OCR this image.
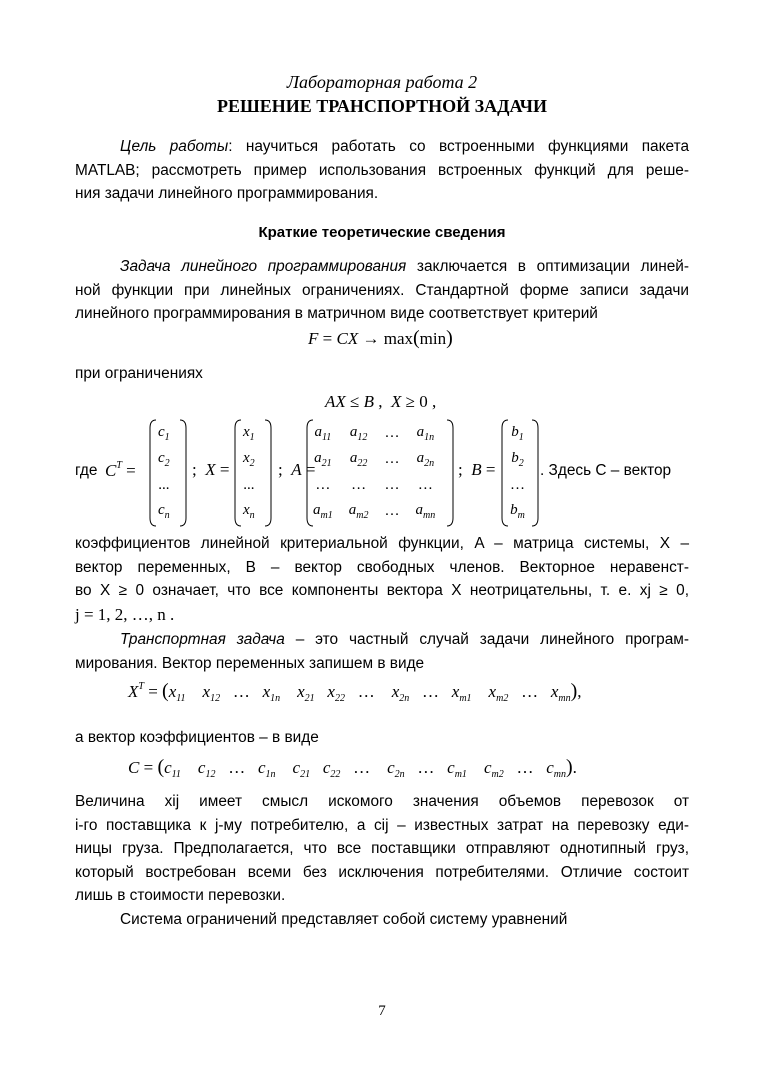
Лабораторная работа 2
РЕШЕНИЕ ТРАНСПОРТНОЙ ЗАДАЧИ
Цель работы: научиться работать со встроенными функциями пакета
MATLAB; рассмотреть пример использования встроенных функций для реше-
ния задачи линейного программирования.
Краткие теоретические сведения
Задача линейного программирования заключается в оптимизации линей-
ной функции при линейных ограничениях. Стандартной форме записи задачи
линейного программирования в матричном виде соответствует критерий
F = CX → max(min)
при ограничениях
AX ≤ B ,  X ≥ 0 ,
где $C^T$ =
$c_1$
$c_2$
...
$c_n$
;  X =
$x_1$
$x_2$
...
$x_n$
;  A =
$a_{11}$	$a_{12}$	…	$a_{1n}$
$a_{21}$	$a_{22}$	…	$a_{2n}$
…	…	…	…
$a_{m1}$	$a_{m2}$	…	$a_{mn}$
;  B =
$b_1$
$b_2$
…
$b_m$
. Здесь C – вектор
коэффициентов линейной критериальной функции, A – матрица системы, X –
вектор переменных, B – вектор свободных членов. Векторное неравенст-
во X ≥ 0 означает, что все компоненты вектора X неотрицательны, т. е. xj ≥ 0,
j = 1, 2, …, n .
Транспортная задача – это частный случай задачи линейного програм-
мирования. Вектор переменных запишем в виде
$X^T = (x_{11}$ $x_{12}$   …   $x_{1n}$ $x_{21}$ $x_{22}$   …    $x_{2n}$   …   $x_{m1}$ $x_{m2}$   …   $x_{mn}$),
а вектор коэффициентов – в виде
$C = (c_{11}$ $c_{12}$   …   $c_{1n}$ $c_{21}$ $c_{22}$   …    $c_{2n}$   …   $c_{m1}$ $c_{m2}$   …   $c_{mn}$).
Величина xij имеет смысл искомого значения объемов перевозок от
i-го поставщика к j-му потребителю, а cij – известных затрат на перевозку еди-
ницы груза. Предполагается, что все поставщики отправляют однотипный груз,
который востребован всеми без исключения потребителями. Отличие состоит
лишь в стоимости перевозки.
Система ограничений представляет собой систему уравнений
7
